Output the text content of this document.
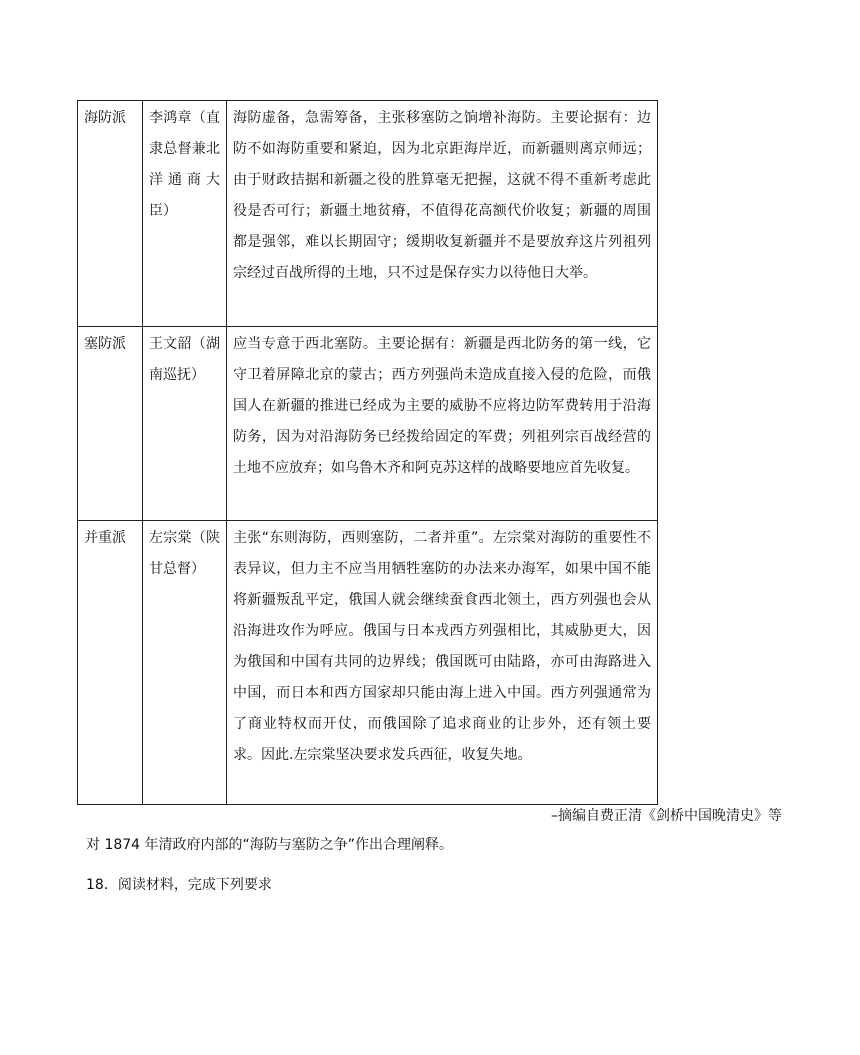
海防派	李鸿章（直隶总督兼北洋通商大臣）	海防虚备，急需筹备，主张移塞防之饷增补海防。主要论据有：边防不如海防重要和紧迫，因为北京距海岸近，而新疆则离京师远；由于财政拮据和新疆之役的胜算毫无把握，这就不得不重新考虑此役是否可行；新疆土地贫瘠，不值得花高额代价收复；新疆的周围都是强邻，难以长期固守；缓期收复新疆并不是要放弃这片列祖列宗经过百战所得的土地，只不过是保存实力以待他日大举。
塞防派	王文韶（湖南巡抚）	应当专意于西北塞防。主要论据有：新疆是西北防务的第一线，它守卫着屏障北京的蒙古；西方列强尚未造成直接入侵的危险，而俄国人在新疆的推进已经成为主要的威胁不应将边防军费转用于沿海防务，因为对沿海防务已经拨给固定的军费；列祖列宗百战经营的土地不应放弃；如乌鲁木齐和阿克苏这样的战略要地应首先收复。
并重派	左宗棠（陕甘总督）	主张“东则海防，西则塞防，二者并重”。左宗棠对海防的重要性不表异议，但力主不应当用牺牲塞防的办法来办海军，如果中国不能将新疆叛乱平定，俄国人就会继续蚕食西北领土，西方列强也会从沿海进攻作为呼应。俄国与日本戎西方列强相比，其威胁更大，因为俄国和中国有共同的边界线；俄国既可由陆路，亦可由海路进入中国，而日本和西方国家却只能由海上进入中国。西方列强通常为了商业特权而开仗，而俄国除了追求商业的让步外，还有领土要求。因此.左宗棠坚决要求发兵西征，收复失地。
–摘编自费正清《剑桥中国晚清史》等
对 1874 年清政府内部的“海防与塞防之争”作出合理阐释。
18．阅读材料，完成下列要求
